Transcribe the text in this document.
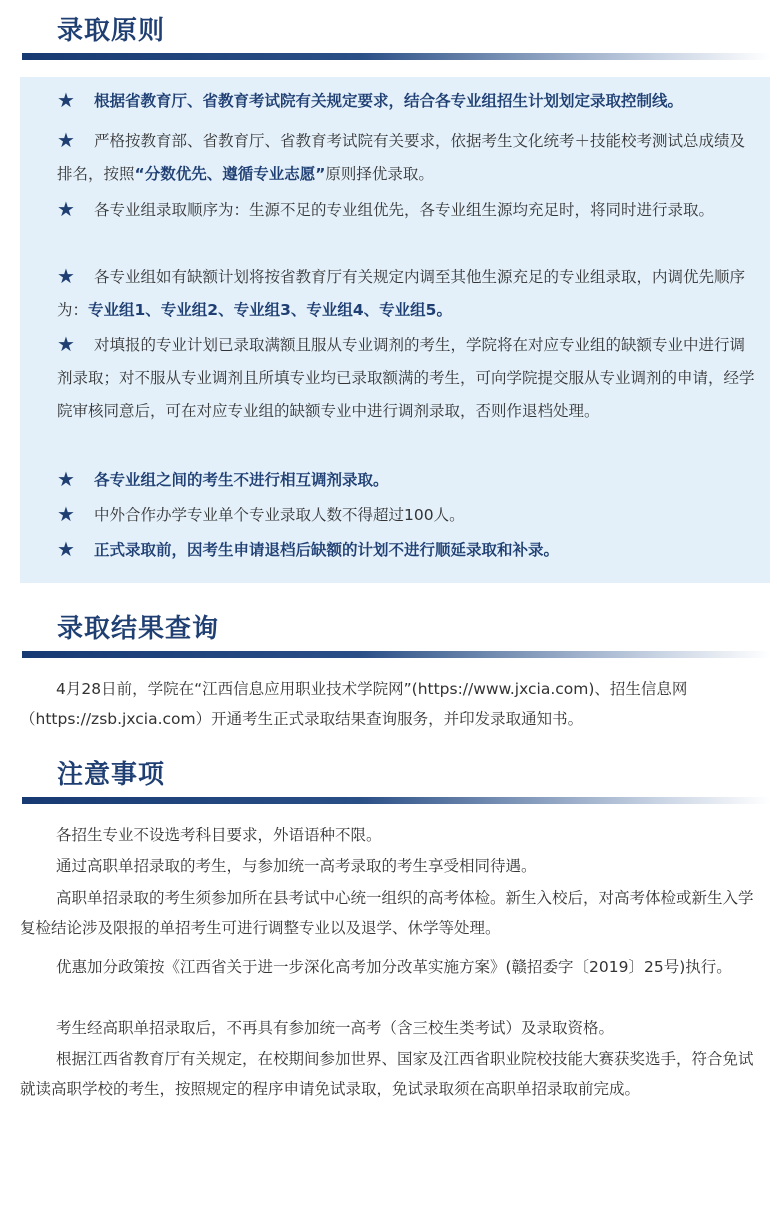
录取原则
★	根据省教育厅、省教育考试院有关规定要求，结合各专业组招生计划划定录取控制线。
★	严格按教育部、省教育厅、省教育考试院有关要求，依据考生文化统考＋技能校考测试总成绩及排名，按照“分数优先、遵循专业志愿”原则择优录取。
★	各专业组录取顺序为：生源不足的专业组优先，各专业组生源均充足时，将同时进行录取。
★	各专业组如有缺额计划将按省教育厅有关规定内调至其他生源充足的专业组录取，内调优先顺序为：专业组1、专业组2、专业组3、专业组4、专业组5。
★	对填报的专业计划已录取满额且服从专业调剂的考生，学院将在对应专业组的缺额专业中进行调剂录取；对不服从专业调剂且所填专业均已录取额满的考生，可向学院提交服从专业调剂的申请，经学院审核同意后，可在对应专业组的缺额专业中进行调剂录取，否则作退档处理。
★	各专业组之间的考生不进行相互调剂录取。
★	中外合作办学专业单个专业录取人数不得超过100人。
★	正式录取前，因考生申请退档后缺额的计划不进行顺延录取和补录。
录取结果查询

4月28日前，学院在“江西信息应用职业技术学院网”(https://www.jxcia.com)、招生信息网（https://zsb.jxcia.com）开通考生正式录取结果查询服务，并印发录取通知书。

注意事项

各招生专业不设选考科目要求，外语语种不限。

通过高职单招录取的考生，与参加统一高考录取的考生享受相同待遇。

高职单招录取的考生须参加所在县考试中心统一组织的高考体检。新生入校后，对高考体检或新生入学复检结论涉及限报的单招考生可进行调整专业以及退学、休学等处理。

优惠加分政策按《江西省关于进一步深化高考加分改革实施方案》(赣招委字〔2019〕25号)执行。

考生经高职单招录取后，不再具有参加统一高考（含三校生类考试）及录取资格。

根据江西省教育厅有关规定，在校期间参加世界、国家及江西省职业院校技能大赛获奖选手，符合免试就读高职学校的考生，按照规定的程序申请免试录取，免试录取须在高职单招录取前完成。
